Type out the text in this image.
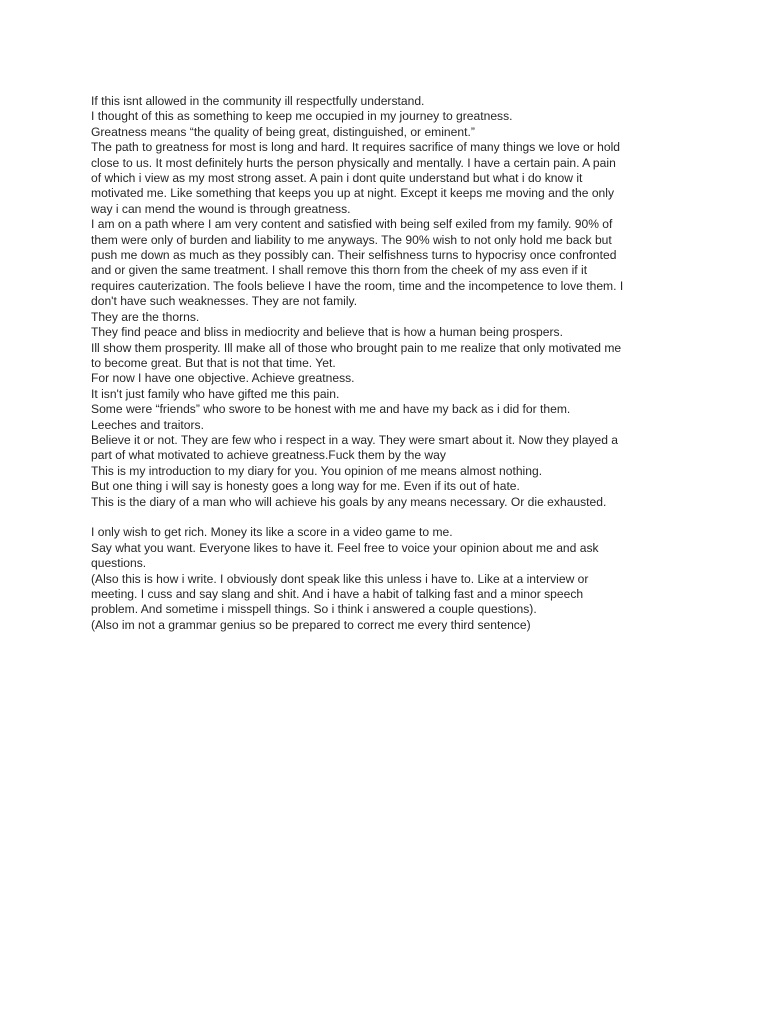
If this isnt allowed in the community ill respectfully understand.
I thought of this as something to keep me occupied in my journey to greatness.
Greatness means “the quality of being great, distinguished, or eminent.”
The path to greatness for most is long and hard. It requires sacrifice of many things we love or hold
close to us. It most definitely hurts the person physically and mentally. I have a certain pain. A pain
of which i view as my most strong asset. A pain i dont quite understand but what i do know it
motivated me. Like something that keeps you up at night. Except it keeps me moving and the only
way i can mend the wound is through greatness.
I am on a path where I am very content and satisfied with being self exiled from my family. 90% of
them were only of burden and liability to me anyways. The 90% wish to not only hold me back but
push me down as much as they possibly can. Their selfishness turns to hypocrisy once confronted
and or given the same treatment. I shall remove this thorn from the cheek of my ass even if it
requires cauterization. The fools believe I have the room, time and the incompetence to love them. I
don't have such weaknesses. They are not family.
They are the thorns.
They find peace and bliss in mediocrity and believe that is how a human being prospers.
Ill show them prosperity. Ill make all of those who brought pain to me realize that only motivated me
to become great. But that is not that time. Yet.
For now I have one objective. Achieve greatness.
It isn't just family who have gifted me this pain.
Some were “friends” who swore to be honest with me and have my back as i did for them.
Leeches and traitors.
Believe it or not. They are few who i respect in a way. They were smart about it. Now they played a
part of what motivated to achieve greatness.Fuck them by the way
This is my introduction to my diary for you. You opinion of me means almost nothing.
But one thing i will say is honesty goes a long way for me. Even if its out of hate.
This is the diary of a man who will achieve his goals by any means necessary. Or die exhausted.
I only wish to get rich. Money its like a score in a video game to me.
Say what you want. Everyone likes to have it. Feel free to voice your opinion about me and ask
questions.
(Also this is how i write. I obviously dont speak like this unless i have to. Like at a interview or
meeting. I cuss and say slang and shit. And i have a habit of talking fast and a minor speech
problem. And sometime i misspell things. So i think i answered a couple questions).
(Also im not a grammar genius so be prepared to correct me every third sentence)
